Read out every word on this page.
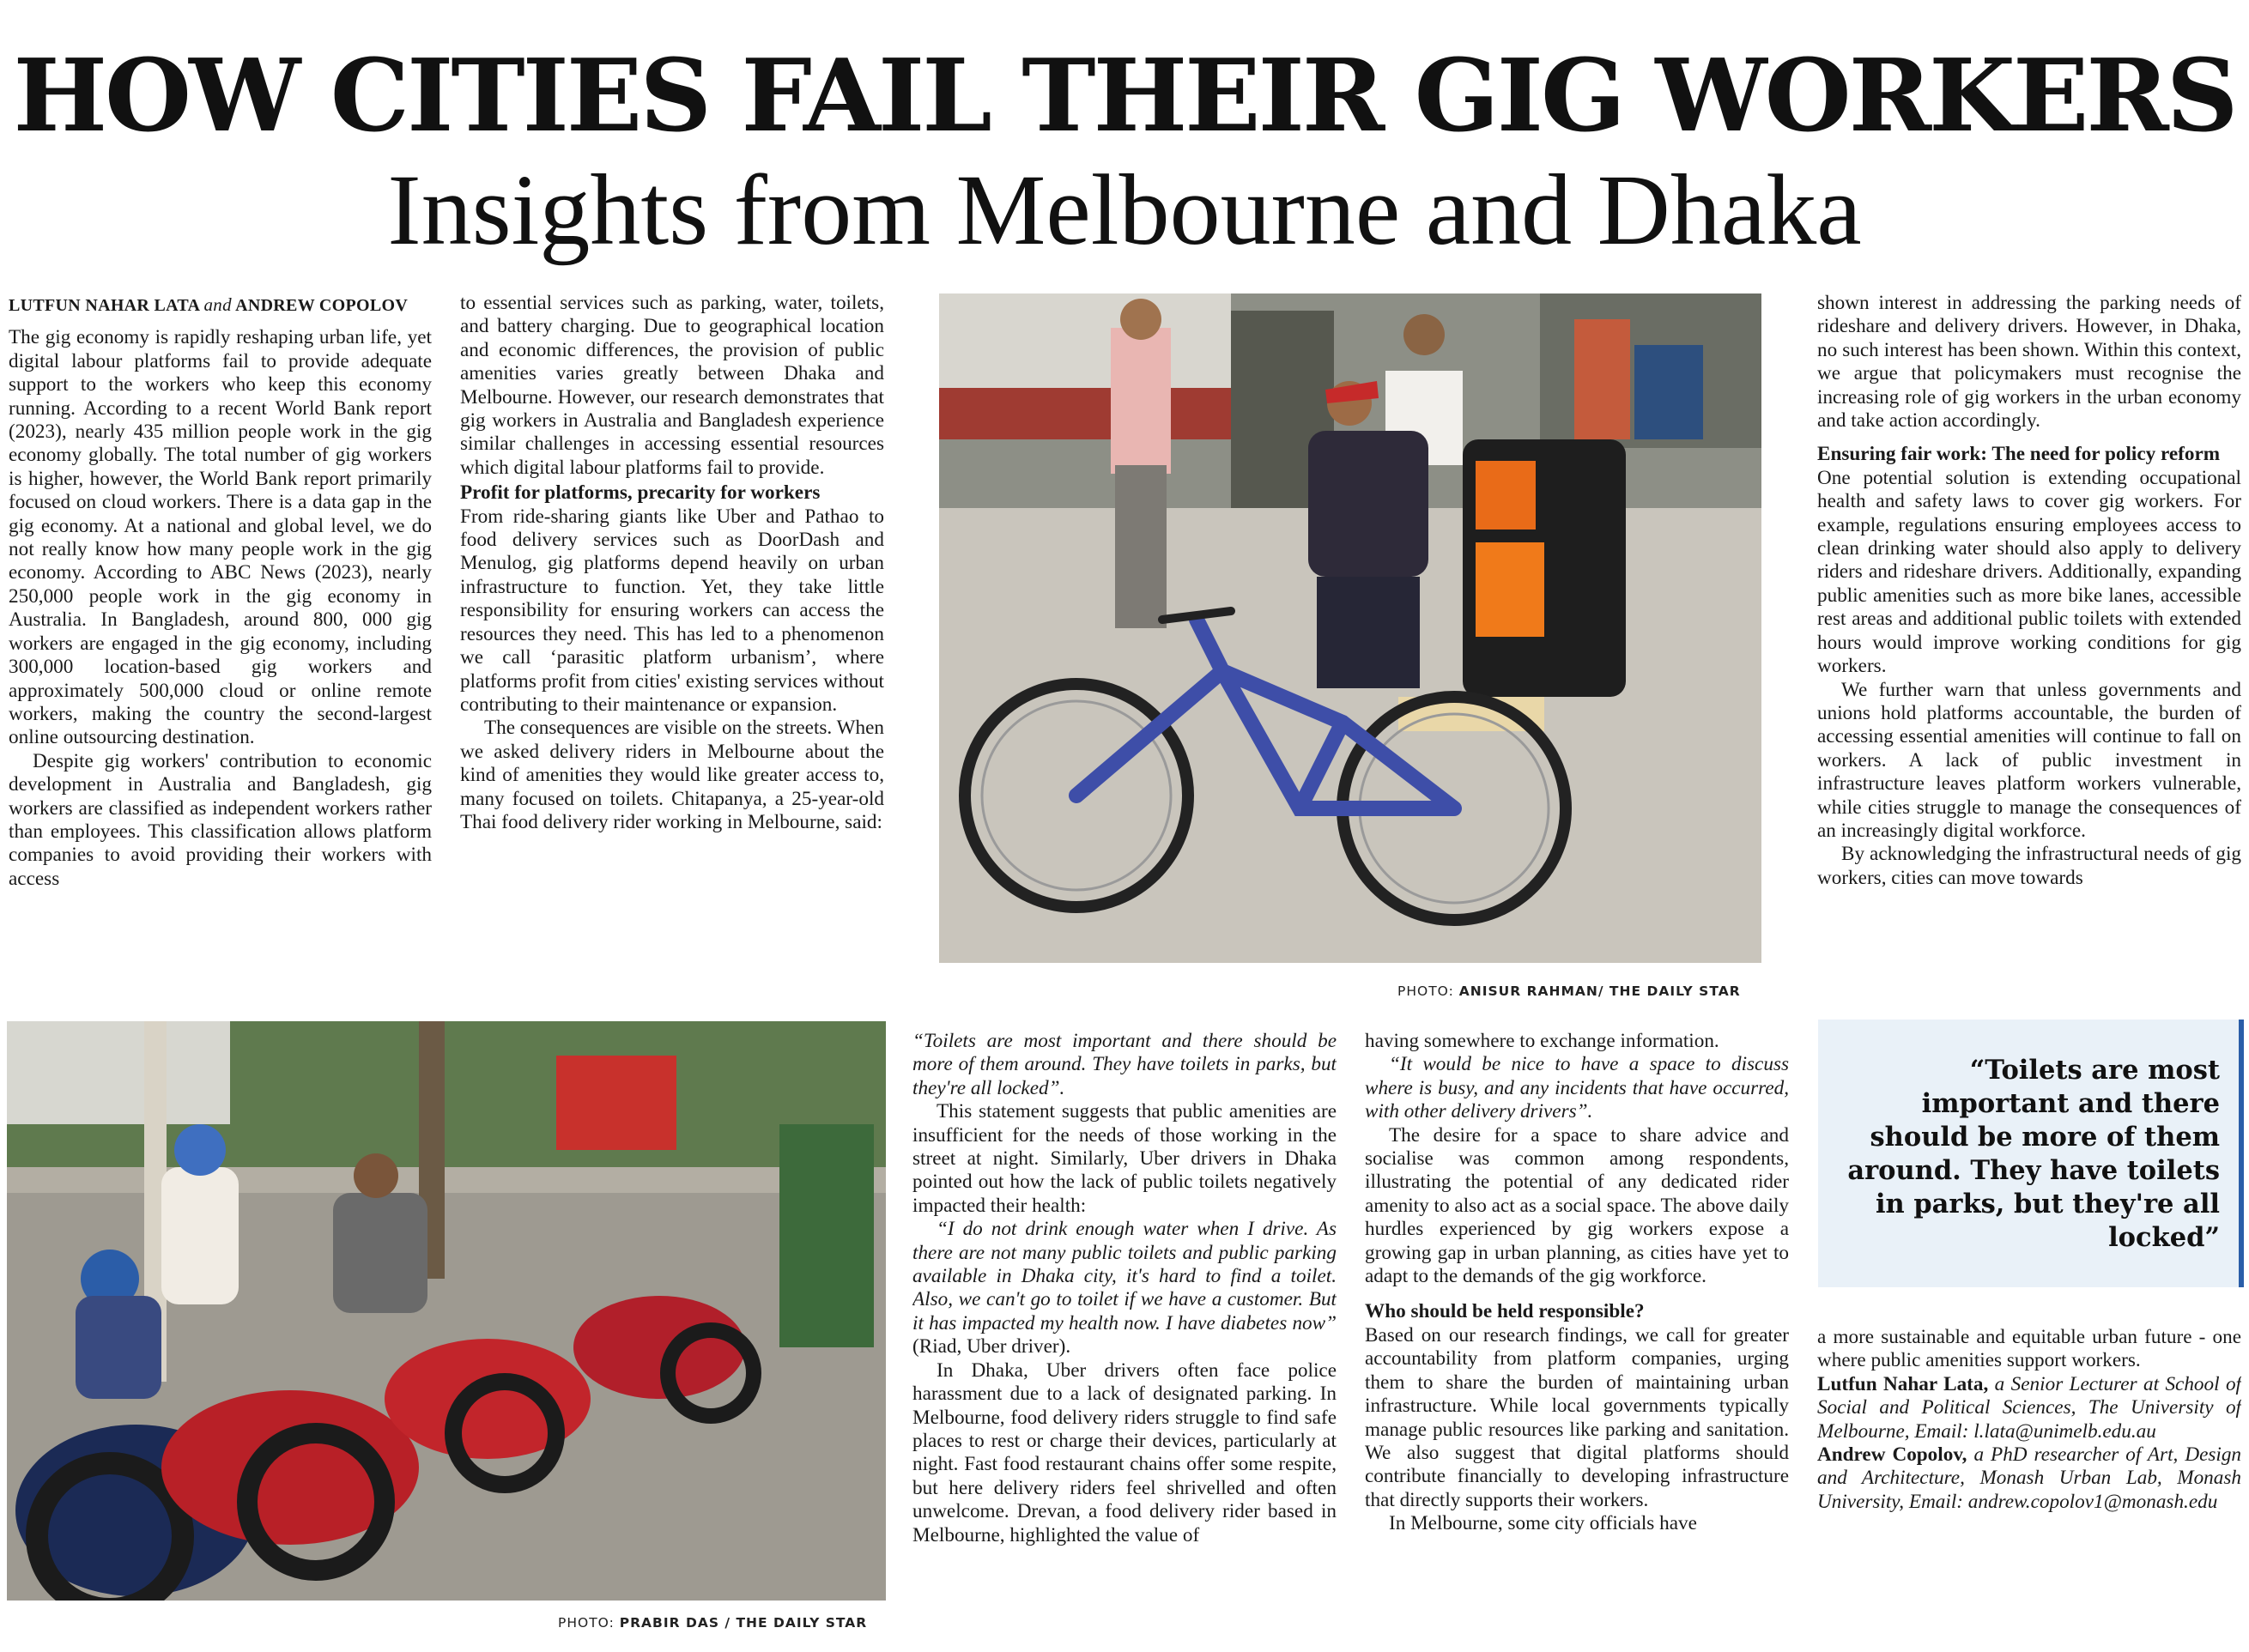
HOW CITIES FAIL THEIR GIG WORKERS
Insights from Melbourne and Dhaka
LUTFUN NAHAR LATA and ANDREW COPOLOV

The gig economy is rapidly reshaping urban life, yet digital labour platforms fail to provide adequate support to the workers who keep this economy running. According to a recent World Bank report (2023), nearly 435 million people work in the gig economy globally. The total number of gig workers is higher, however, the World Bank report primarily focused on cloud workers. There is a data gap in the gig economy. At a national and global level, we do not really know how many people work in the gig economy. According to ABC News (2023), nearly 250,000 people work in the gig economy in Australia. In Bangladesh, around 800, 000 gig workers are engaged in the gig economy, including 300,000 location-based gig workers and approximately 500,000 cloud or online remote workers, making the country the second-largest online outsourcing destination.

Despite gig workers' contribution to economic development in Australia and Bangladesh, gig workers are classified as independent workers rather than employees. This classification allows platform companies to avoid providing their workers with access

to essential services such as parking, water, toilets, and battery charging. Due to geographical location and economic differences, the provision of public amenities varies greatly between Dhaka and Melbourne. However, our research demonstrates that gig workers in Australia and Bangladesh experience similar challenges in accessing essential resources which digital labour platforms fail to provide.

Profit for platforms, precarity for workers

From ride-sharing giants like Uber and Pathao to food delivery services such as DoorDash and Menulog, gig platforms depend heavily on urban infrastructure to function. Yet, they take little responsibility for ensuring workers can access the resources they need. This has led to a phenomenon we call ‘parasitic platform urbanism’, where platforms profit from cities' existing services without contributing to their maintenance or expansion.

The consequences are visible on the streets. When we asked delivery riders in Melbourne about the kind of amenities they would like greater access to, many focused on toilets. Chitapanya, a 25-year-old Thai food delivery rider working in Melbourne, said:

PHOTO: ANISUR RAHMAN/ THE DAILY STAR

shown interest in addressing the parking needs of rideshare and delivery drivers. However, in Dhaka, no such interest has been shown. Within this context, we argue that policymakers must recognise the increasing role of gig workers in the urban economy and take action accordingly.

Ensuring fair work: The need for policy reform

One potential solution is extending occupational health and safety laws to cover gig workers. For example, regulations ensuring employees access to clean drinking water should also apply to delivery riders and rideshare drivers. Additionally, expanding public amenities such as more bike lanes, accessible rest areas and additional public toilets with extended hours would improve working conditions for gig workers.

We further warn that unless governments and unions hold platforms accountable, the burden of accessing essential amenities will continue to fall on workers. A lack of public investment in infrastructure leaves platform workers vulnerable, while cities struggle to manage the consequences of an increasingly digital workforce.

By acknowledging the infrastructural needs of gig workers, cities can move towards

PHOTO: PRABIR DAS / THE DAILY STAR

“Toilets are most important and there should be more of them around. They have toilets in parks, but they're all locked”.

This statement suggests that public amenities are insufficient for the needs of those working in the street at night. Similarly, Uber drivers in Dhaka pointed out how the lack of public toilets negatively impacted their health:

“I do not drink enough water when I drive. As there are not many public toilets and public parking available in Dhaka city, it's hard to find a toilet. Also, we can't go to toilet if we have a customer. But it has impacted my health now. I have diabetes now” (Riad, Uber driver).

In Dhaka, Uber drivers often face police harassment due to a lack of designated parking. In Melbourne, food delivery riders struggle to find safe places to rest or charge their devices, particularly at night. Fast food restaurant chains offer some respite, but here delivery riders feel shrivelled and often unwelcome. Drevan, a food delivery rider based in Melbourne, highlighted the value of

having somewhere to exchange information.

“It would be nice to have a space to discuss where is busy, and any incidents that have occurred, with other delivery drivers”.

The desire for a space to share advice and socialise was common among respondents, illustrating the potential of any dedicated rider amenity to also act as a social space. The above daily hurdles experienced by gig workers expose a growing gap in urban planning, as cities have yet to adapt to the demands of the gig workforce.

Who should be held responsible?

Based on our research findings, we call for greater accountability from platform companies, urging them to share the burden of maintaining urban infrastructure. While local governments typically manage public resources like parking and sanitation. We also suggest that digital platforms should contribute financially to developing infrastructure that directly supports their workers.

In Melbourne, some city officials have

“Toilets are most important and there should be more of them around. They have toilets in parks, but they're all locked”

a more sustainable and equitable urban future - one where public amenities support workers.

Lutfun Nahar Lata, a Senior Lecturer at School of Social and Political Sciences, The University of Melbourne, Email: l.lata@unimelb.edu.au

Andrew Copolov, a PhD researcher of Art, Design and Architecture, Monash Urban Lab, Monash University, Email: andrew.copolov1@monash.edu
